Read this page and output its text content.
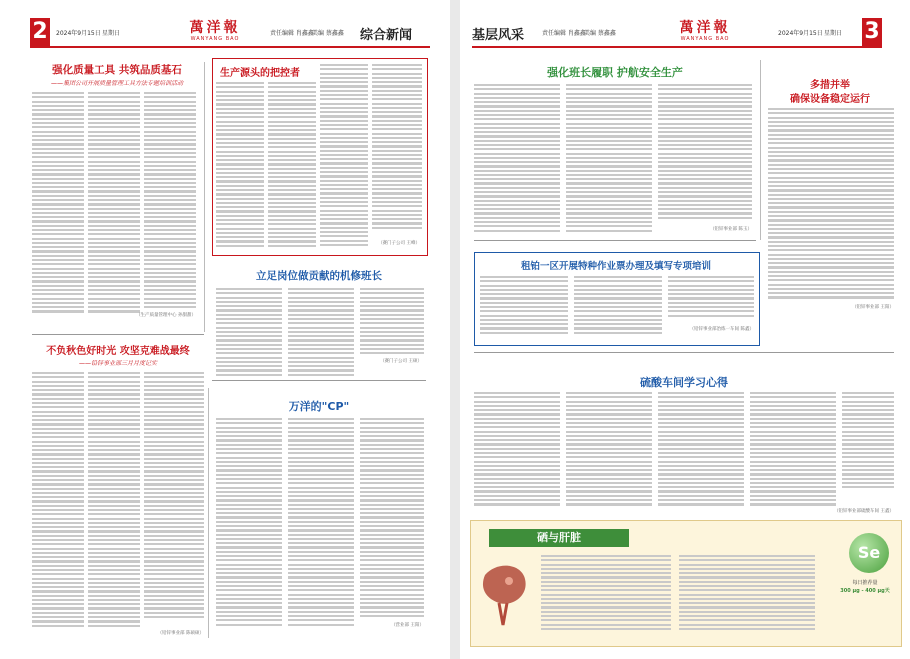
2	2024年9月15日 星期日	萬洋報
WANYANG BAO
责任编辑 肖鑫鑫
美编 蔡鑫鑫 综合新闻
强化质量工具 共筑品质基石
——集团公司开展质量管理工具方法专题培训活动
（生产质量管理中心 孙甜甜）
生产源头的把控者
（赛门子公司 王峰）
立足岗位做贡献的机修班长
（赛门子公司 王硕）
不负秋色好时光 攻坚克难战最终
——铅锌事业部三月月度记实
（铅锌事业部 陈硕硕）
万洋的"CP"
（营业部 王阳）
基层风采	责任编辑 肖鑫鑫
美编 蔡鑫鑫	萬洋報
WANYANG BAO
2024年9月15日 星期日 3
强化班长履职 护航安全生产
（铅锌事业部 陈玉）
多措并举
确保设备稳定运行
（铅锌事业部 王阳）
租铂一区开展特种作业票办理及填写专项培训
（铅锌事业部冶炼一车间 陈鑫）
硫酸车间学习心得
（铅锌事业部硫酸车间 王鑫）
硒与肝脏
Se
每日推荐量
300 μg - 400 μg天
